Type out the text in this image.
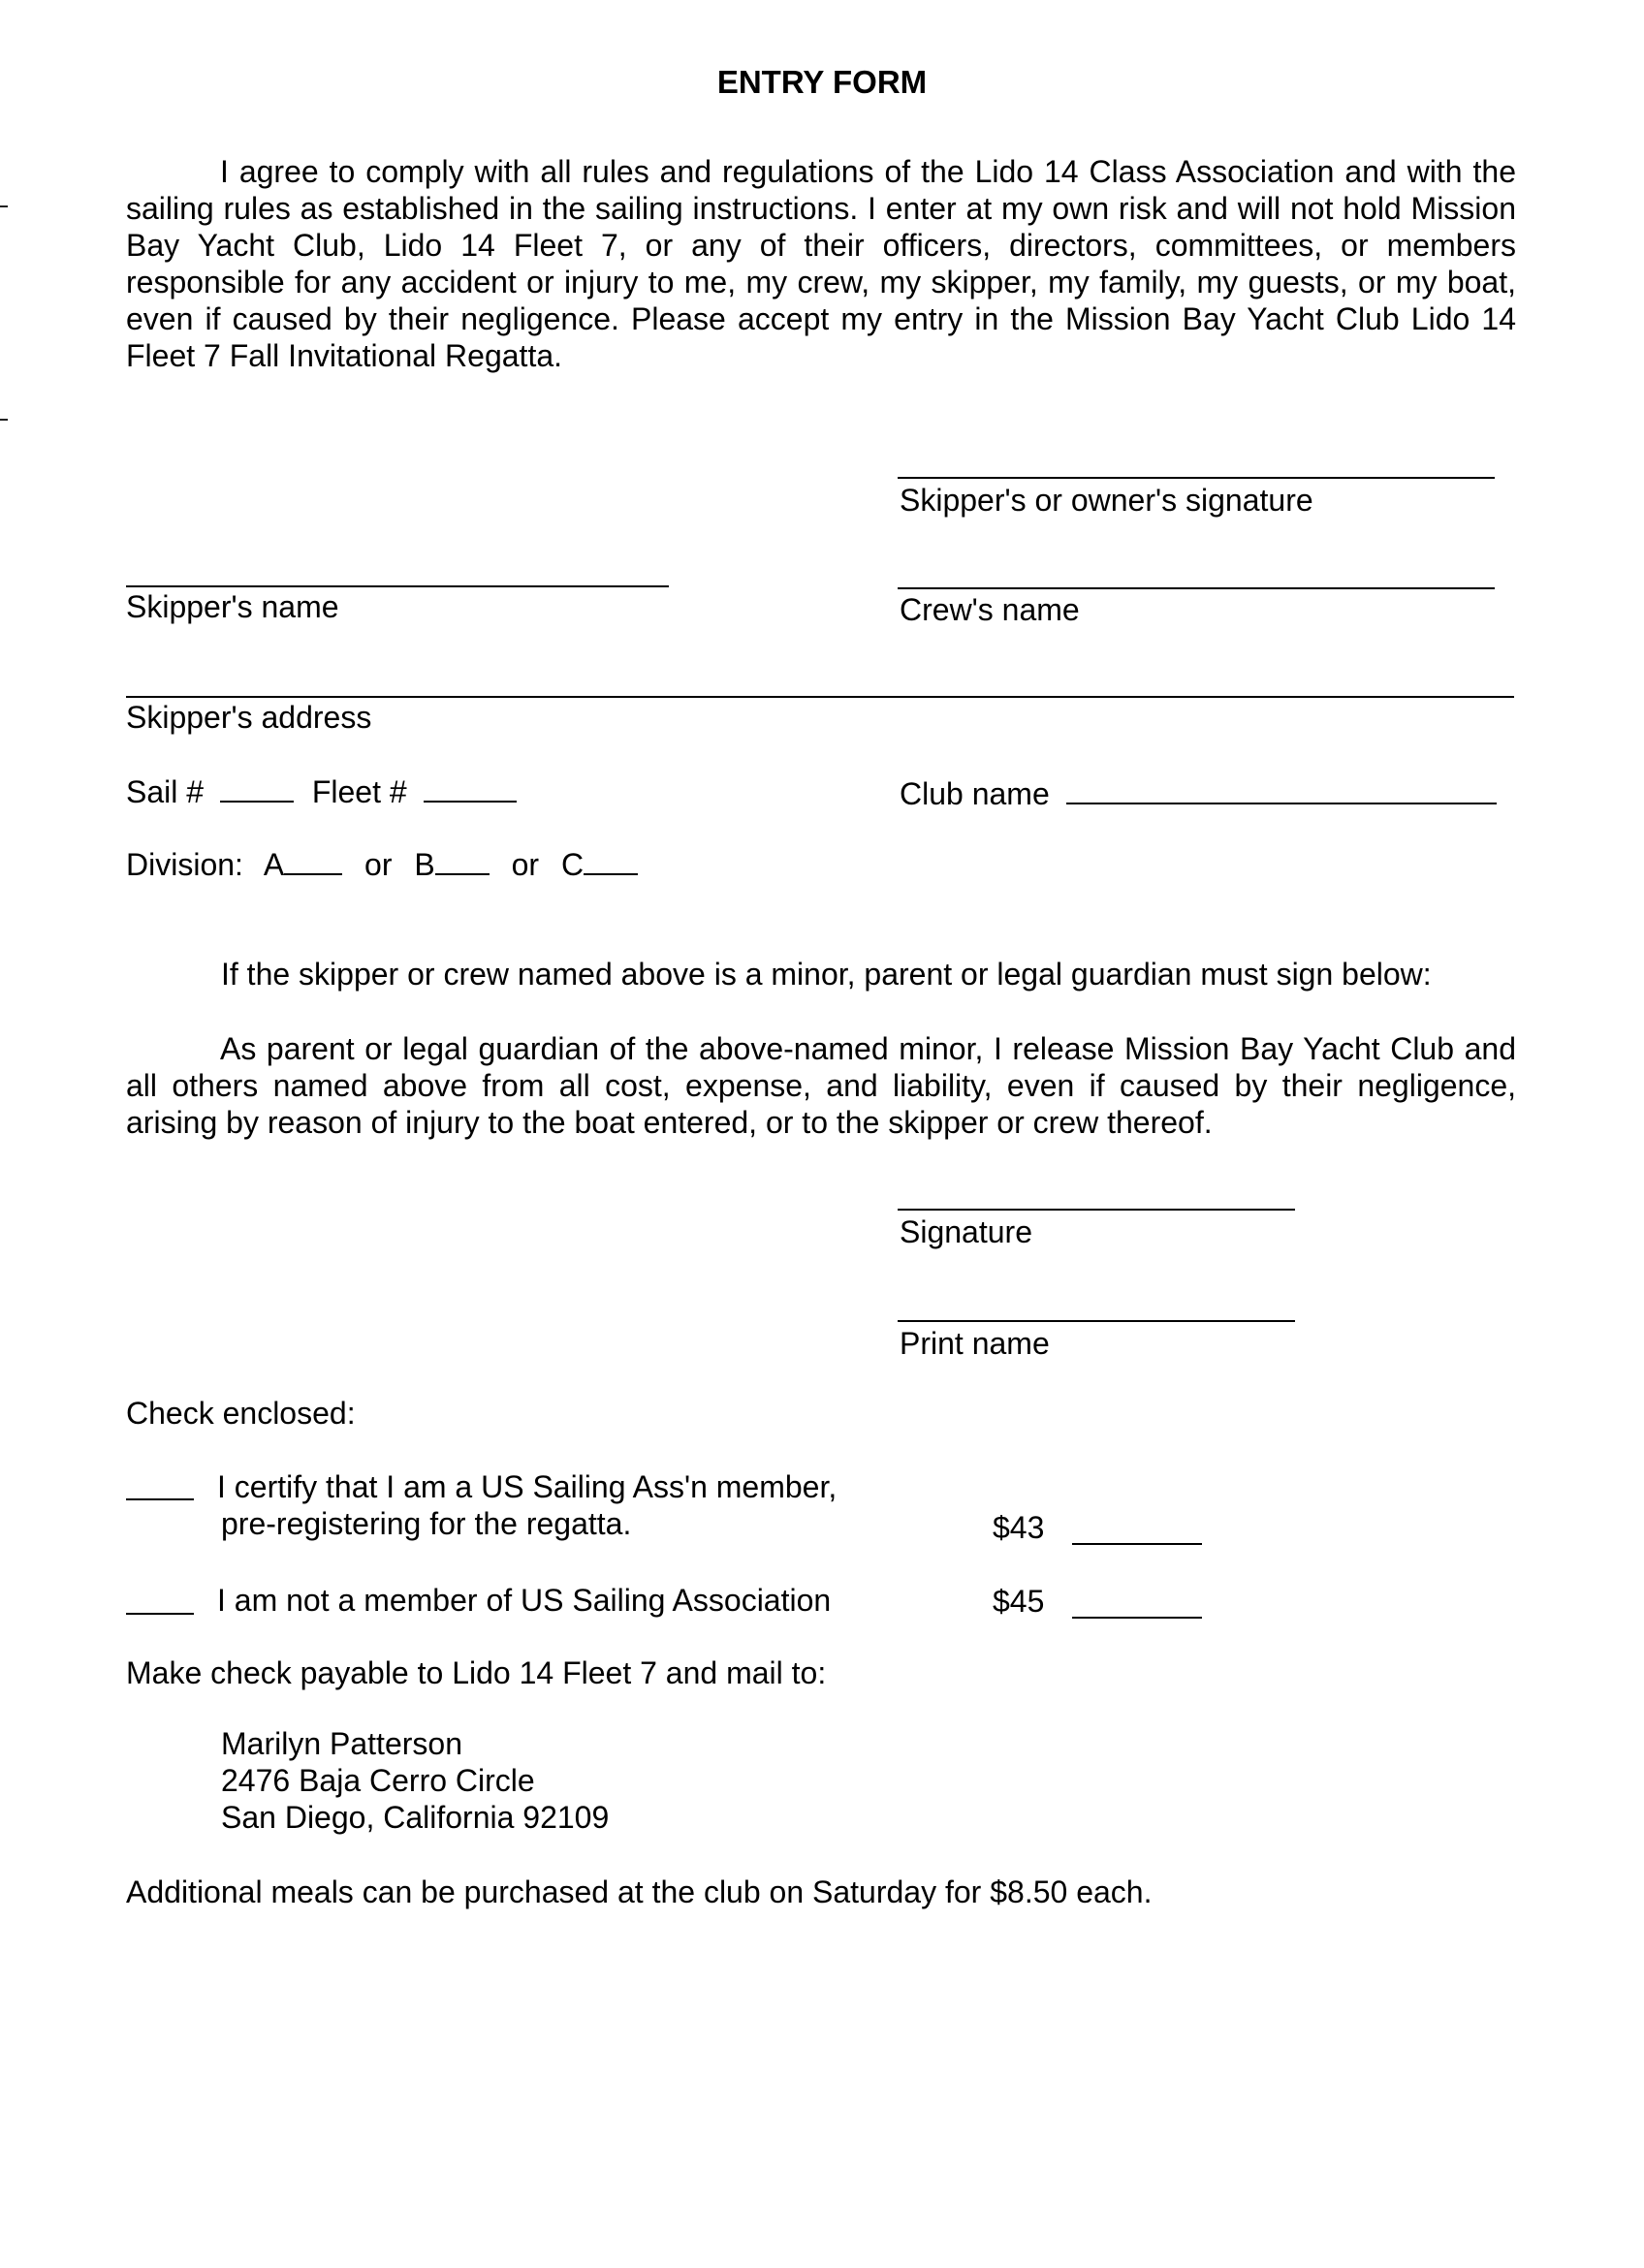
ENTRY FORM
I agree to comply with all rules and regulations of the Lido 14 Class Association and with the sailing rules as established in the sailing instructions. I enter at my own risk and will not hold Mission Bay Yacht Club, Lido 14 Fleet 7, or any of their officers, directors, committees, or members responsible for any accident or injury to me, my crew, my skipper, my family, my guests, or my boat, even if caused by their negligence. Please accept my entry in the Mission Bay Yacht Club Lido 14 Fleet 7 Fall Invitational Regatta.
Skipper's or owner's signature
Skipper's name	Crew's name
Skipper's address
Sail #	Fleet #	Club name
Division: A	or B or C
If the skipper or crew named above is a minor, parent or legal guardian must sign below:
As parent or legal guardian of the above-named minor, I release Mission Bay Yacht Club and all others named above from all cost, expense, and liability, even if caused by their negligence, arising by reason of injury to the boat entered, or to the skipper or crew thereof.
Signature
Print name
Check enclosed:
I certify that I am a US Sailing Ass'n member,
pre-registering for the regatta.	$43
I am not a member of US Sailing Association	$45
Make check payable to Lido 14 Fleet 7 and mail to:
Marilyn Patterson
2476 Baja Cerro Circle
San Diego, California 92109
Additional meals can be purchased at the club on Saturday for $8.50 each.
